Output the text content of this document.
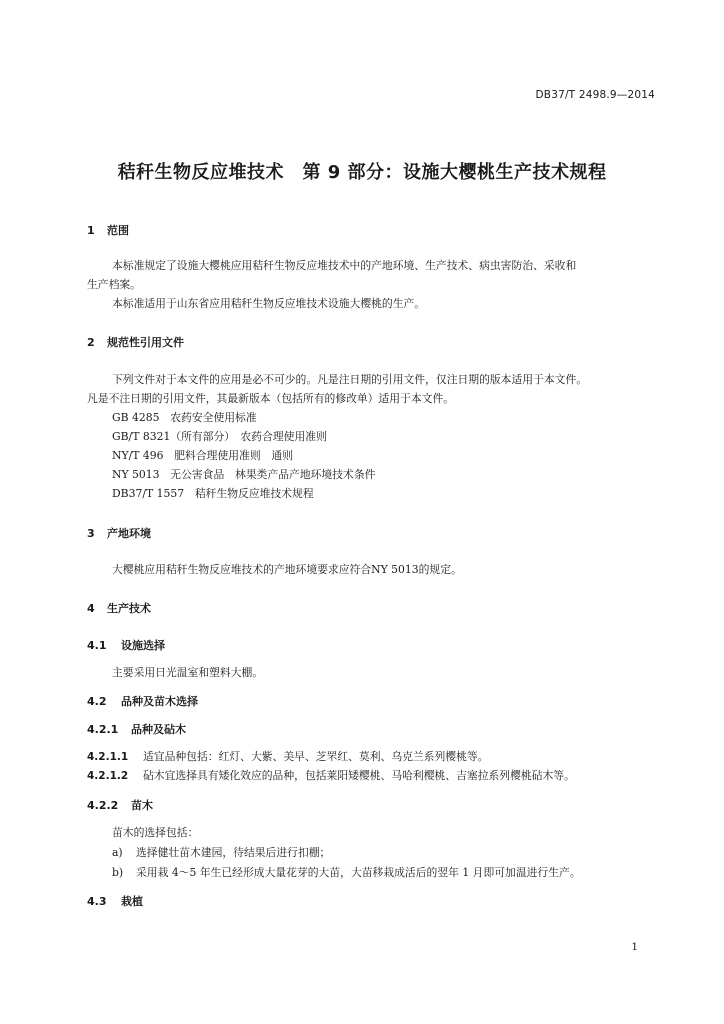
DB37/T 2498.9—2014
秸秆生物反应堆技术　第 9 部分：设施大樱桃生产技术规程
1 范围
本标准规定了设施大樱桃应用秸秆生物反应堆技术中的产地环境、生产技术、病虫害防治、采收和
生产档案。
本标准适用于山东省应用秸秆生物反应堆技术设施大樱桃的生产。
2 规范性引用文件
下列文件对于本文件的应用是必不可少的。凡是注日期的引用文件，仅注日期的版本适用于本文件。
凡是不注日期的引用文件，其最新版本（包括所有的修改单）适用于本文件。
GB 4285　农药安全使用标准
GB/T 8321（所有部分）　农药合理使用准则
NY/T 496　肥料合理使用准则　通则
NY 5013　无公害食品　林果类产品产地环境技术条件
DB37/T 1557　秸秆生物反应堆技术规程
3 产地环境
大樱桃应用秸秆生物反应堆技术的产地环境要求应符合NY 5013的规定。
4 生产技术
4.1 设施选择
主要采用日光温室和塑料大棚。
4.2 品种及苗木选择
4.2.1 品种及砧木
4.2.1.1 适宜品种包括：红灯、大紫、美早、芝罘红、莫利、乌克兰系列樱桃等。
4.2.1.2 砧木宜选择具有矮化效应的品种，包括莱阳矮樱桃、马哈利樱桃、吉塞拉系列樱桃砧木等。
4.2.2 苗木
苗木的选择包括：
a) 选择健壮苗木建园，待结果后进行扣棚；
b) 采用栽 4～5 年生已经形成大量花芽的大苗，大苗移栽成活后的翌年 1 月即可加温进行生产。
4.3 栽植
1
